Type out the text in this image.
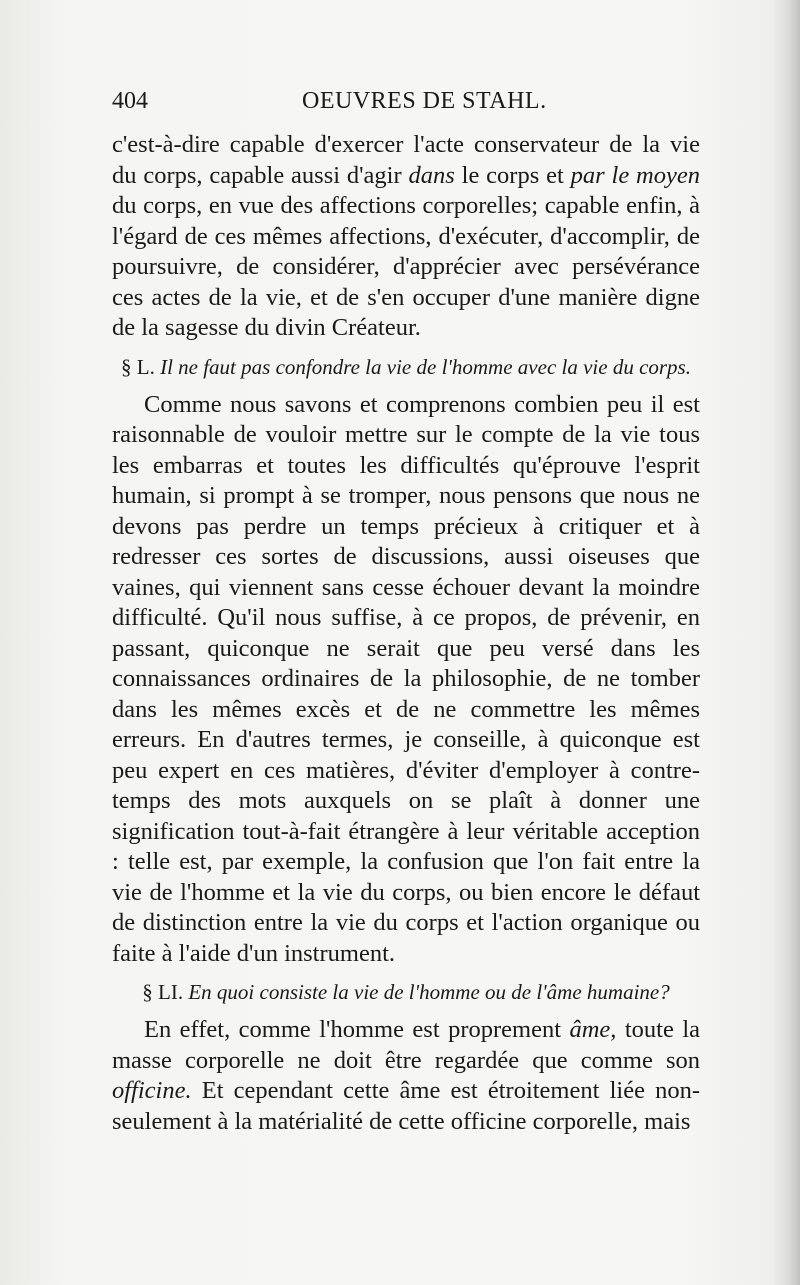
404	OEUVRES DE STAHL.

c'est-à-dire capable d'exercer l'acte conservateur de la vie du corps, capable aussi d'agir dans le corps et par le moyen du corps, en vue des affections corporelles; capable enfin, à l'égard de ces mêmes affections, d'exécuter, d'accomplir, de poursuivre, de considérer, d'apprécier avec persévérance ces actes de la vie, et de s'en occuper d'une manière digne de la sagesse du divin Créateur.

§ L. Il ne faut pas confondre la vie de l'homme avec la vie du corps.

Comme nous savons et comprenons combien peu il est raisonnable de vouloir mettre sur le compte de la vie tous les embarras et toutes les difficultés qu'éprouve l'esprit humain, si prompt à se tromper, nous pensons que nous ne devons pas perdre un temps précieux à critiquer et à redresser ces sortes de discussions, aussi oiseuses que vaines, qui viennent sans cesse échouer devant la moindre difficulté. Qu'il nous suffise, à ce propos, de prévenir, en passant, quiconque ne serait que peu versé dans les connaissances ordinaires de la philosophie, de ne tomber dans les mêmes excès et de ne commettre les mêmes erreurs. En d'autres termes, je conseille, à quiconque est peu expert en ces matières, d'éviter d'employer à contre-temps des mots auxquels on se plaît à donner une signification tout-à-fait étrangère à leur véritable acception : telle est, par exemple, la confusion que l'on fait entre la vie de l'homme et la vie du corps, ou bien encore le défaut de distinction entre la vie du corps et l'action organique ou faite à l'aide d'un instrument.

§ LI. En quoi consiste la vie de l'homme ou de l'âme humaine?

En effet, comme l'homme est proprement âme, toute la masse corporelle ne doit être regardée que comme son officine. Et cependant cette âme est étroitement liée non-seulement à la matérialité de cette officine corporelle, mais
